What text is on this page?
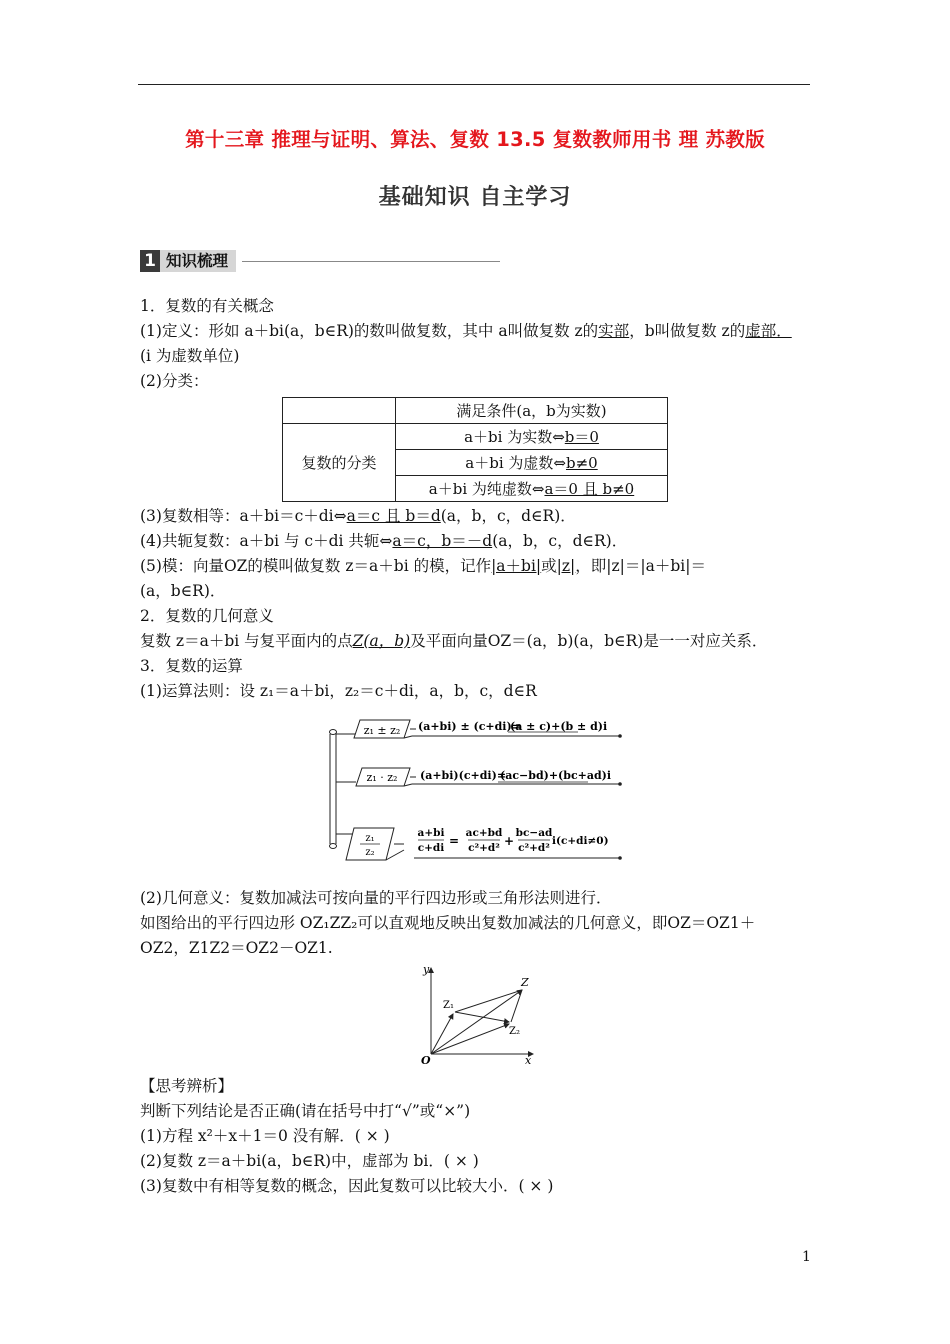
第十三章 推理与证明、算法、复数 13.5 复数教师用书 理 苏教版
基础知识 自主学习
1 知识梳理
1．复数的有关概念
(1)定义：形如 a＋bi(a，b∈R)的数叫做复数，其中 a叫做复数 z的实部，b叫做复数 z的虚部．
(i 为虚数单位)
(2)分类：
	满足条件(a，b为实数)
复数的分类	a＋bi 为实数⇔b＝0
	a＋bi 为虚数⇔b≠0
	a＋bi 为纯虚数⇔a＝0 且 b≠0
(3)复数相等：a＋bi＝c＋di⇔a＝c 且 b＝d(a，b，c，d∈R)．
(4)共轭复数：a＋bi 与 c＋di 共轭⇔a＝c，b＝－d(a，b，c，d∈R)．
(5)模：向量OZ的模叫做复数 z＝a＋bi 的模，记作|a＋bi|或|z|，即|z|＝|a＋bi|＝
(a，b∈R)．
2．复数的几何意义
复数 z＝a＋bi 与复平面内的点Z(a，b)及平面向量OZ＝(a，b)(a，b∈R)是一一对应关系．
3．复数的运算
(1)运算法则：设 z₁＝a＋bi，z₂＝c＋di，a，b，c，d∈R
z₁ ± z₂ (a+bi) ± (c+di)=
(a ± c)+(b ± d)i
z₁ · z₂ (a+bi)(c+di)=
(ac−bd)+(bc+ad)i
z₁
z₂
a+bi
c+di =
ac+bd
c²+d² +
bc−ad
c²+d²
i(c+di≠0)
(2)几何意义：复数加减法可按向量的平行四边形或三角形法则进行．
如图给出的平行四边形 OZ₁ZZ₂可以直观地反映出复数加减法的几何意义，即OZ＝OZ1＋
OZ2，Z1Z2＝OZ2－OZ1.
y
x
O
Z
Z₁
Z₂
【思考辨析】
判断下列结论是否正确(请在括号中打“√”或“×”)
(1)方程 x²＋x＋1＝0 没有解．( × )
(2)复数 z＝a＋bi(a，b∈R)中，虚部为 bi．( × )
(3)复数中有相等复数的概念，因此复数可以比较大小．( × )
1
